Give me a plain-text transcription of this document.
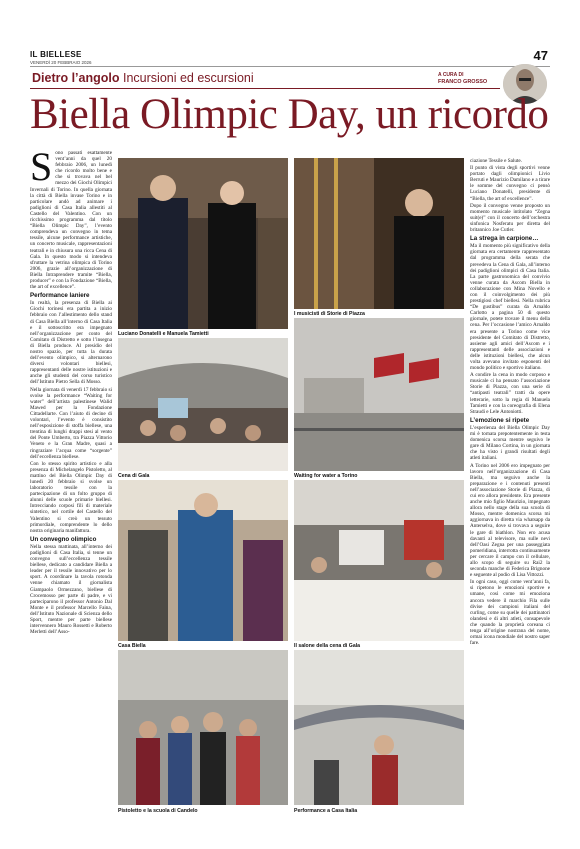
IL BIELLESE
VENERDÌ 20 FEBBRAIO 2026	47
Dietro l’angolo Incursioni ed escursioni	A CURA DI
FRANCO GROSSO
Biella Olimpic Day, un ricordo

Sono passati esattamente vent’anni da quel 20 febbraio 2006, un lunedì che ricordo molto bene e che si trovava nel bel mezzo dei Giochi Olimpici Invernali di Torino. In quella giornata la città di Biella invase Torino e in particolare andò ad animare i padiglioni di Casa Italia allestiti al Castello del Valentino. Con un ricchissimo programma dal titolo “Biella Olimpic Day”, l’evento comprendeva un convegno in tema tessile, alcune performance artistiche, un concerto musicale, rappresentazioni teatrali e in chiusura una ricca Cena di Gala. In questo modo si intendeva sfruttare la vetrina olimpica di Torino 2006, grazie all’organizzazione di Biella Intraprendere tramite “Biella, producer” e con la Fondazione “Biella, the art of excellence”.

Performance laniere

In realtà, la presenza di Biella ai Giochi torinesi era partita a inizio febbraio con l’allestimento dello stand di Casa Biella all’interno di Casa Italia e il sottoscritto era impegnato nell’organizzazione per conto del Comitato di Distretto e sotto l’insegna di Biella produce. Al presidio del nostro spazio, per tutta la durata dell’evento olimpico, si alternarono diversi volontari biellesi, rappresentanti delle nostre istituzioni e anche gli studenti del corso turistico dell’Istituto Pietro Sella di Mosso.

Nella giornata di venerdì 17 febbraio si svolse la performance “Waiting for water” dell’artista palestinese Walid Mawed per la Fondazione Cittadellarte. Con l’aiuto di decine di volontari, l’evento è consistito nell’esposizione di stoffa biellese, una trentina di lunghi drappi stesi al vento del Ponte Umberto, tra Piazza Vittorio Veneto e la Gran Madre, quasi a ringraziare l’acqua come “sorgente” dell’eccellenza biellese.

Con lo stesso spirito artistico e alla presenza di Michelangelo Pistoletto, al mattino del Biella Olimpic Day di lunedì 20 febbraio si svolse un laboratorio tessile con la partecipazione di un folto gruppo di alunni delle scuole primarie biellesi. Intrecciando corposi fili di materiale sintetico, nel cortile del Castello del Valentino si creò un tessuto primordiale, comprendente lo dello nostra originaria manifattura.

Un convegno olimpico

Nella stessa mattinata, all’interno dei padiglioni di Casa Italia, si tenne un convegno sull’eccellenza tessile biellese, dedicato a candidare Biella a leader per il tessile innovativo per lo sport. A coordinare la tavola rotonda venne chiamato il giornalista Giampaolo Ormezzano, biellese di Crocemosso per parte di padre, e vi parteciparono il professor Antonio Dal Monte e il professor Marcello Faina, dell’Istituto Nazionale di Scienza dello Sport, mentre per parte biellese intervennero Mauro Rossetti e Roberto Merletti dell’Asso-

Luciano Donatelli e Manuela Tamietti
Cena di Gala
Casa Biella
Pistoletto e la scuola di Candelo
I musicisti di Storie di Piazza
Waiting for water a Torino
Il salone della cena di Gala
Performance a Casa Italia

ciazione Tessile e Salute.

Il punto di vista degli sportivi venne portato dagli olimpionici Livio Berruti e Maurizio Damilano e a tirare le somme del convegno ci pensò Luciano Donatelli, presidente di “Biella, the art of excellence”.

Dopo il convegno venne proposto un momento musicale intitolato “Zegna suit(e)” con il concerto dell’orchestra sinfonica Nosferatu per diretta del britannico Joe Cutler.

La strega in carpione…

Ma il momento più significativo della giornata era certamente rappresentato dal programma della serata che prevedeva la Cena di Gala, all’interno dei padiglioni olimpici di Casa Italia. La parte gastronomica del convivio venne curata da Ascom Biella in collaborazione con Mina Novello e con il coinvolgimento dei più prestigiosi chef biellesi. Nella rubrica “De gustibus” curata da Arnaldo Carlotto a pagina 50 di questo giornale, potete trovare il menu della cena. Per l’occasione l’amico Arnaldo era presente a Torino come vice presidente del Comitato di Distretto, assieme agli amici dell’Ascom e i rappresentanti delle associazioni e delle istituzioni biellesi, che alcun volta avevano invitato esponenti del mondo politico e sportivo italiano.

A condire la cena in modo corposo e musicale ci ha pensato l’associazione Storie di Piazza, con una serie di “antipasti teatrali” tratti da opere letterarie, sotto la regia di Manuela Tamietti e con la coreografia di Elena Straudi e Lele Antoniotti.

L’emozione si ripete

L’esperienza del Biella Olimpic Day mi è tornata prepotentemente in testa domenica scorsa mentre seguivo le gare di Milano Cortina, in un giornata che ha visto i grandi risultati degli atleti italiani.

A Torino nel 2006 ero impegnato per lavoro nell’organizzazione di Casa Biella, ma seguivo anche la preparazione e i contenuti presenti nell’associazione Storie di Piazza, di cui ero allora presidente. Era presente anche mio figlio Maurizio, impegnato allora nello stage della sua scuola di Mosso, mentre domenica scorsa mi aggiornava in diretta via whatsapp da Anterselva, dove si trovava a seguire le gare di biathlon. Non ero acusa davanti al televisore, ma sulle nevi dell’Oasi Zegna per una passeggiata pomeridiana, interrotta continuamente per cercare il campo con il cellulare, allo scopo di seguire su Rai2 la seconda manche di Federica Brignone e seguente al podio di Lisa Vittozzi.

In ogni caso, oggi come vent’anni fa, si ripetono le emozioni sportive e umane, così come mi emoziona ancora vedere il marchio Fila sulle divise dei campioni italiani del curling, come su quelle dei pattinatori olandesi e di altri atleti, consapevole che quando la proprietà coreana ci tenga all’origine nostrana del nome, ormai icona mondiale del nostro saper fare.
